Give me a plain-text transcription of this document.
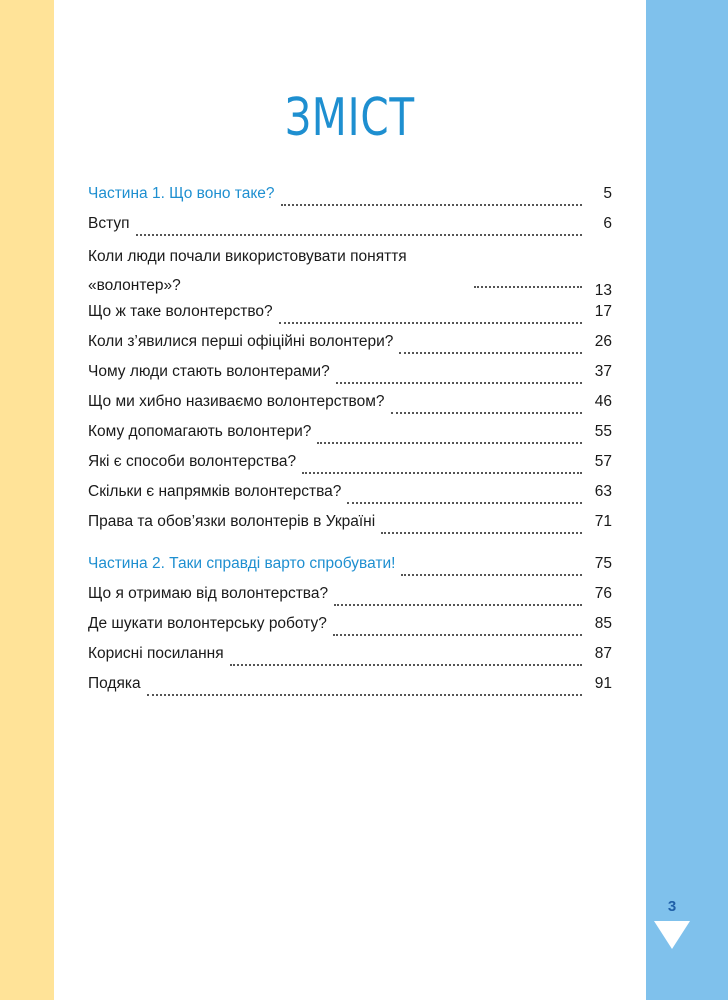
ЗМІСТ
Частина 1. Що воно таке?	5
Вступ	6
Коли люди почали використовувати поняття «волонтер»?	13
Що ж таке волонтерство?	17
Коли з’явилися перші офіційні волонтери?	26
Чому люди стають волонтерами?	37
Що ми хибно називаємо волонтерством?	46
Кому допомагають волонтери?	55
Які є способи волонтерства?	57
Скільки є напрямків волонтерства?	63
Права та обов’язки волонтерів в Україні	71
Частина 2. Таки справді варто спробувати!	75
Що я отримаю від волонтерства?	76
Де шукати волонтерську роботу?	85
Корисні посилання	87
Подяка	91
3
